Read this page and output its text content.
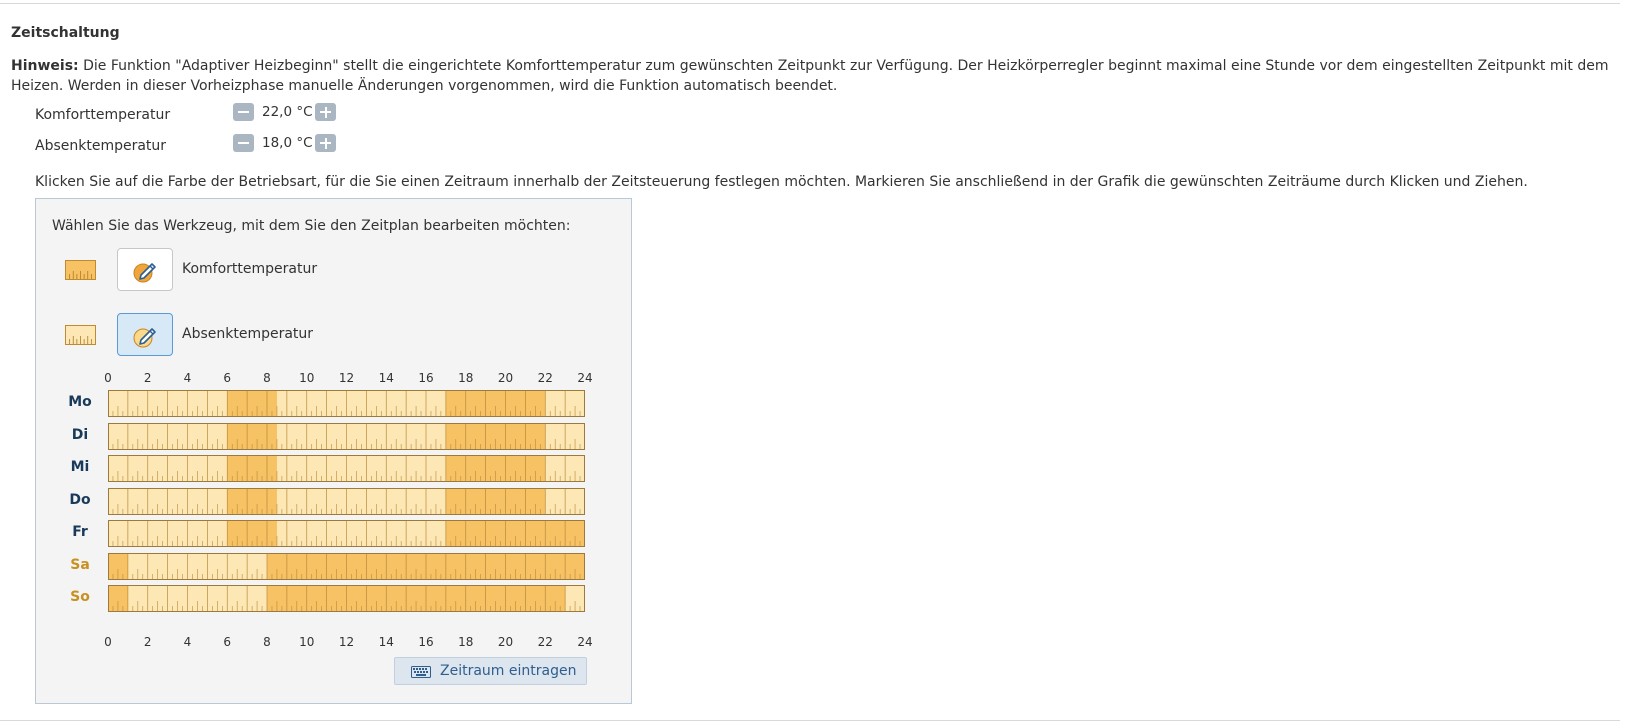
Zeitschaltung
Hinweis: Die Funktion "Adaptiver Heizbeginn" stellt die eingerichtete Komforttemperatur zum gewünschten Zeitpunkt zur Verfügung. Der Heizkörperregler beginnt maximal eine Stunde vor dem eingestellten Zeitpunkt mit dem Heizen. Werden in dieser Vorheizphase manuelle Änderungen vorgenommen, wird die Funktion automatisch beendet.
Komforttemperatur	22,0 °C
Absenktemperatur	18,0 °C
Klicken Sie auf die Farbe der Betriebsart, für die Sie einen Zeitraum innerhalb der Zeitsteuerung festlegen möchten. Markieren Sie anschließend in der Grafik die gewünschten Zeiträume durch Klicken und Ziehen.
Wählen Sie das Werkzeug, mit dem Sie den Zeitplan bearbeiten möchten:
Komforttemperatur
Absenktemperatur
0	2	4	6	8 10 12 14 16 18 20 22 24
Mo
Di
Mi
Do
Fr
Sa
So
0	2	4	6	8 10 12 14 16 18 20 22 24
Zeitraum eintragen
